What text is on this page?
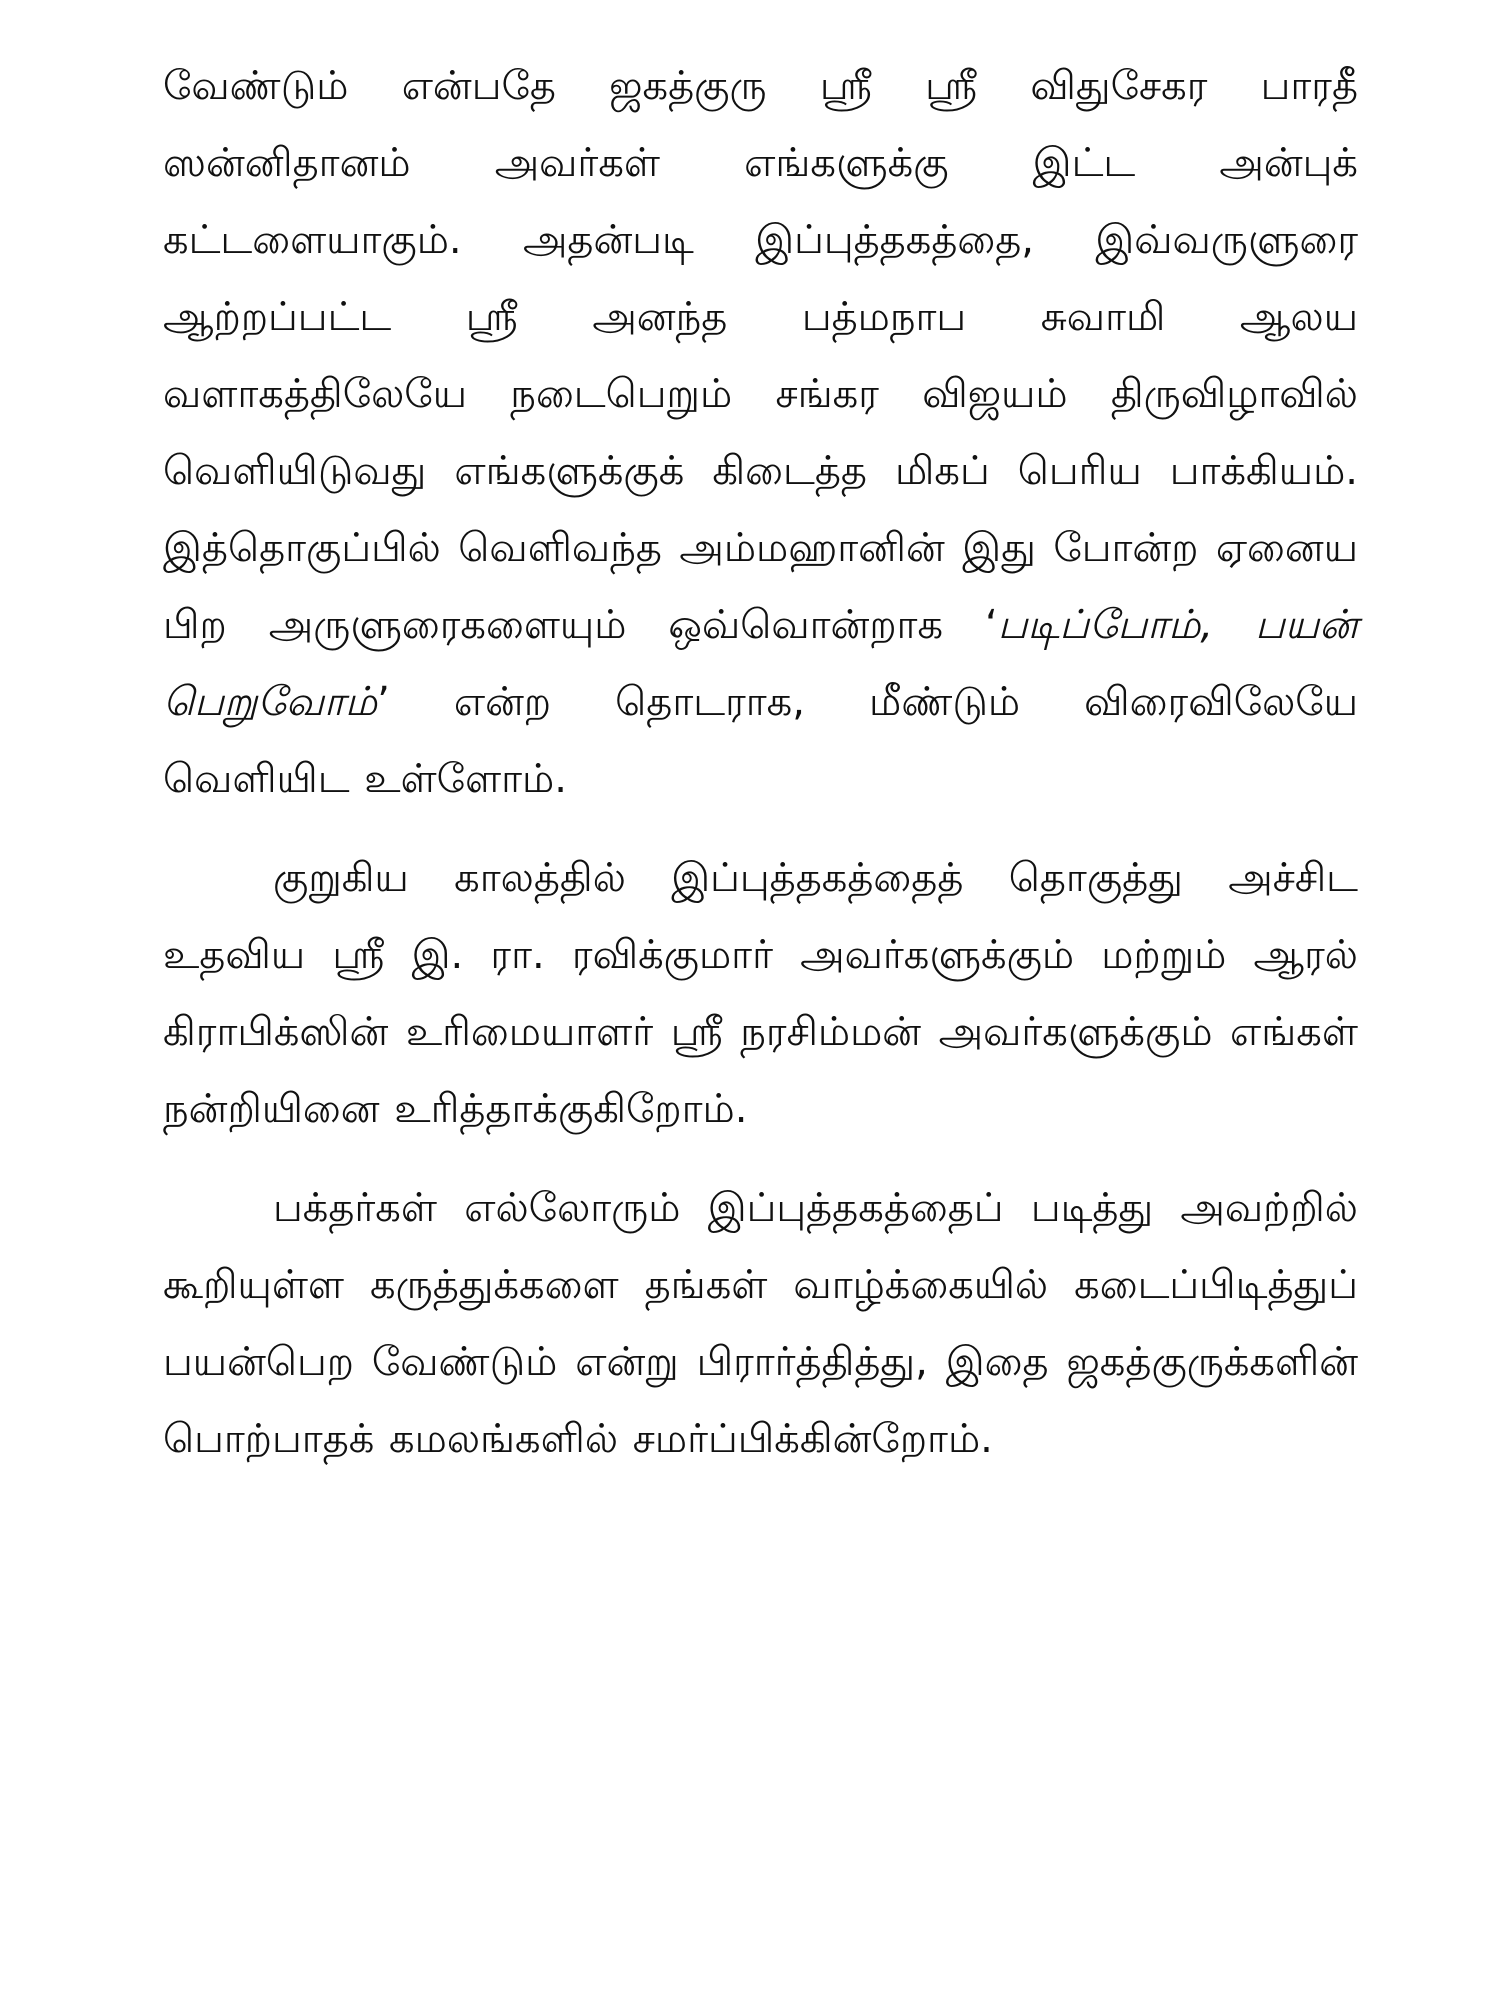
வேண்டும் என்பதே ஜகத்குரு ஸ்ரீ ஸ்ரீ விதுசேகர பாரதீ ஸன்னிதானம் அவர்கள் எங்களுக்கு இட்ட அன்புக் கட்டளையாகும். அதன்படி இப்புத்தகத்தை, இவ்வருளுரை ஆற்றப்பட்ட ஸ்ரீ அனந்த பத்மநாப சுவாமி ஆலய வளாகத்திலேயே நடைபெறும் சங்கர விஜயம் திருவிழாவில் வெளியிடுவது எங்களுக்குக் கிடைத்த மிகப் பெரிய பாக்கியம். இத்தொகுப்பில் வெளிவந்த அம்மஹானின் இது போன்ற ஏனைய பிற அருளுரைகளையும் ஒவ்வொன்றாக ‘படிப்போம், பயன் பெறுவோம்’ என்ற தொடராக, மீண்டும் விரைவிலேயே வெளியிட உள்ளோம்.

குறுகிய காலத்தில் இப்புத்தகத்தைத் தொகுத்து அச்சிட உதவிய ஸ்ரீ இ. ரா. ரவிக்குமார் அவர்களுக்கும் மற்றும் ஆரல் கிராபிக்ஸின் உரிமையாளர் ஸ்ரீ நரசிம்மன் அவர்களுக்கும் எங்கள் நன்றியினை உரித்தாக்குகிறோம்.

பக்தர்கள் எல்லோரும் இப்புத்தகத்தைப் படித்து அவற்றில் கூறியுள்ள கருத்துக்களை தங்கள் வாழ்க்கையில் கடைப்பிடித்துப் பயன்பெற வேண்டும் என்று பிரார்த்தித்து, இதை ஜகத்குருக்களின் பொற்பாதக் கமலங்களில் சமர்ப்பிக்கின்றோம்.
